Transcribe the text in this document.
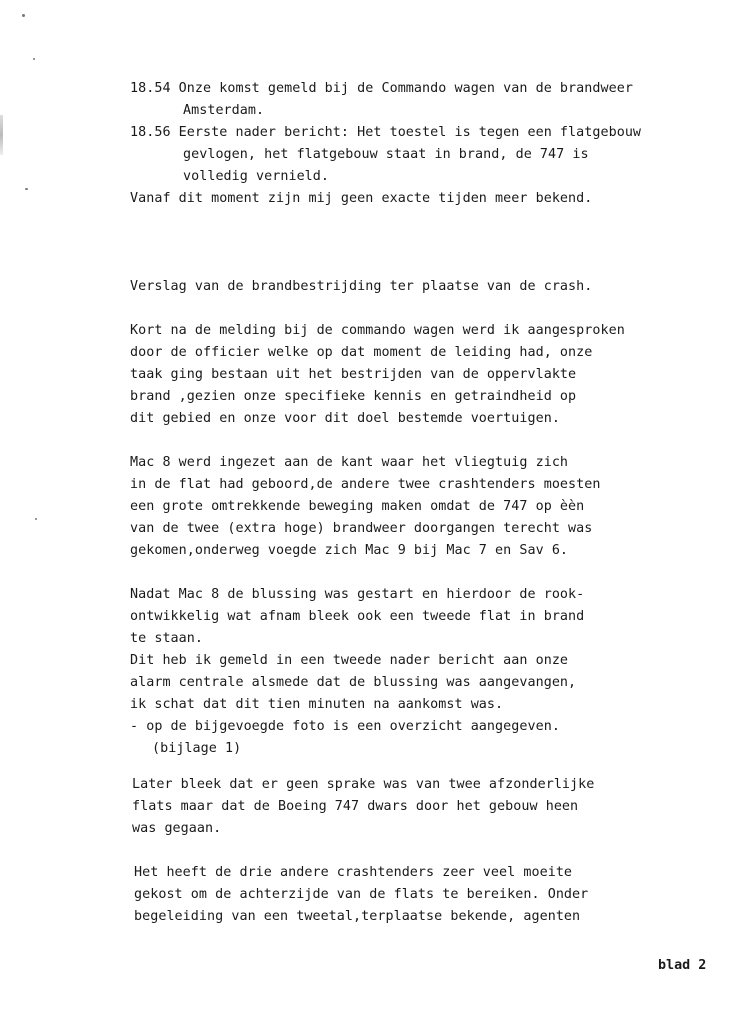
18.54 Onze komst gemeld bij de Commando wagen van de brandweer
Amsterdam.
18.56 Eerste nader bericht: Het toestel is tegen een flatgebouw
gevlogen, het flatgebouw staat in brand, de 747 is
volledig vernield.
Vanaf dit moment zijn mij geen exacte tijden meer bekend.
Verslag van de brandbestrijding ter plaatse van de crash.
Kort na de melding bij de commando wagen werd ik aangesproken
door de officier welke op dat moment de leiding had, onze
taak ging bestaan uit het bestrijden van de oppervlakte
brand ,gezien onze specifieke kennis en getraindheid op
dit gebied en onze voor dit doel bestemde voertuigen.
Mac 8 werd ingezet aan de kant waar het vliegtuig zich
in de flat had geboord,de andere twee crashtenders moesten
een grote omtrekkende beweging maken omdat de 747 op èèn
van de twee (extra hoge) brandweer doorgangen terecht was
gekomen,onderweg voegde zich Mac 9 bij Mac 7 en Sav 6.
Nadat Mac 8 de blussing was gestart en hierdoor de rook-
ontwikkelig wat afnam bleek ook een tweede flat in brand
te staan.
Dit heb ik gemeld in een tweede nader bericht aan onze
alarm centrale alsmede dat de blussing was aangevangen,
ik schat dat dit tien minuten na aankomst was.
- op de bijgevoegde foto is een overzicht aangegeven.
(bijlage 1)
Later bleek dat er geen sprake was van twee afzonderlijke
flats maar dat de Boeing 747 dwars door het gebouw heen
was gegaan.
Het heeft de drie andere crashtenders zeer veel moeite
gekost om de achterzijde van de flats te bereiken. Onder
begeleiding van een tweetal,terplaatse bekende, agenten
blad 2
